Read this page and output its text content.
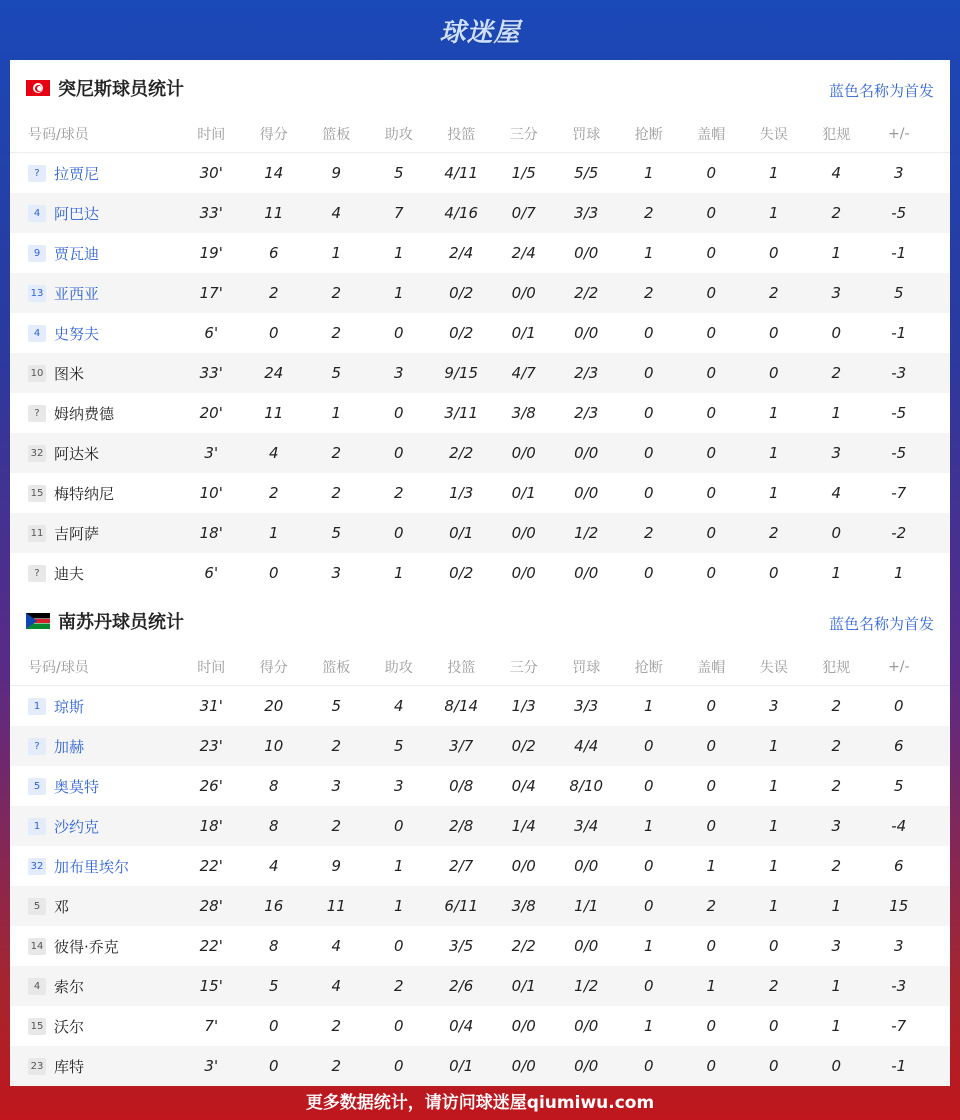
球迷屋
突尼斯球员统计	蓝色名称为首发
号码/球员	时间	得分	篮板	助攻	投篮	三分	罚球	抢断	盖帽	失误	犯规	+/-
? 拉贾尼	30'	14	9	5	4/11	1/5	5/5	1	0	1	4	3
4 阿巴达	33'	11	4	7	4/16	0/7	3/3	2	0	1	2	-5
9 贾瓦迪	19'	6	1	1	2/4	2/4	0/0	1	0	0	1	-1
13 亚西亚	17'	2	2	1	0/2	0/0	2/2	2	0	2	3	5
4 史努夫	6'	0	2	0	0/2	0/1	0/0	0	0	0	0	-1
10 图米	33'	24	5	3	9/15	4/7	2/3	0	0	0	2	-3
? 姆纳费德	20'	11	1	0	3/11	3/8	2/3	0	0	1	1	-5
32 阿达米	3'	4	2	0	2/2	0/0	0/0	0	0	1	3	-5
15 梅特纳尼	10'	2	2	2	1/3	0/1	0/0	0	0	1	4	-7
11 吉阿萨	18'	1	5	0	0/1	0/0	1/2	2	0	2	0	-2
? 迪夫	6'	0	3	1	0/2	0/0	0/0	0	0	0	1	1
南苏丹球员统计	蓝色名称为首发
号码/球员	时间	得分	篮板	助攻	投篮	三分	罚球	抢断	盖帽	失误	犯规	+/-
1 琼斯	31'	20	5	4	8/14	1/3	3/3	1	0	3	2	0
? 加赫	23'	10	2	5	3/7	0/2	4/4	0	0	1	2	6
5 奥莫特	26'	8	3	3	0/8	0/4	8/10	0	0	1	2	5
1 沙约克	18'	8	2	0	2/8	1/4	3/4	1	0	1	3	-4
32 加布里埃尔	22'	4	9	1	2/7	0/0	0/0	0	1	1	2	6
5 邓	28'	16	11	1	6/11	3/8	1/1	0	2	1	1	15
14 彼得·乔克	22'	8	4	0	3/5	2/2	0/0	1	0	0	3	3
4 索尔	15'	5	4	2	2/6	0/1	1/2	0	1	2	1	-3
15 沃尔	7'	0	2	0	0/4	0/0	0/0	1	0	0	1	-7
23 库特	3'	0	2	0	0/1	0/0	0/0	0	0	0	0	-1
更多数据统计，请访问球迷屋qiumiwu.com
